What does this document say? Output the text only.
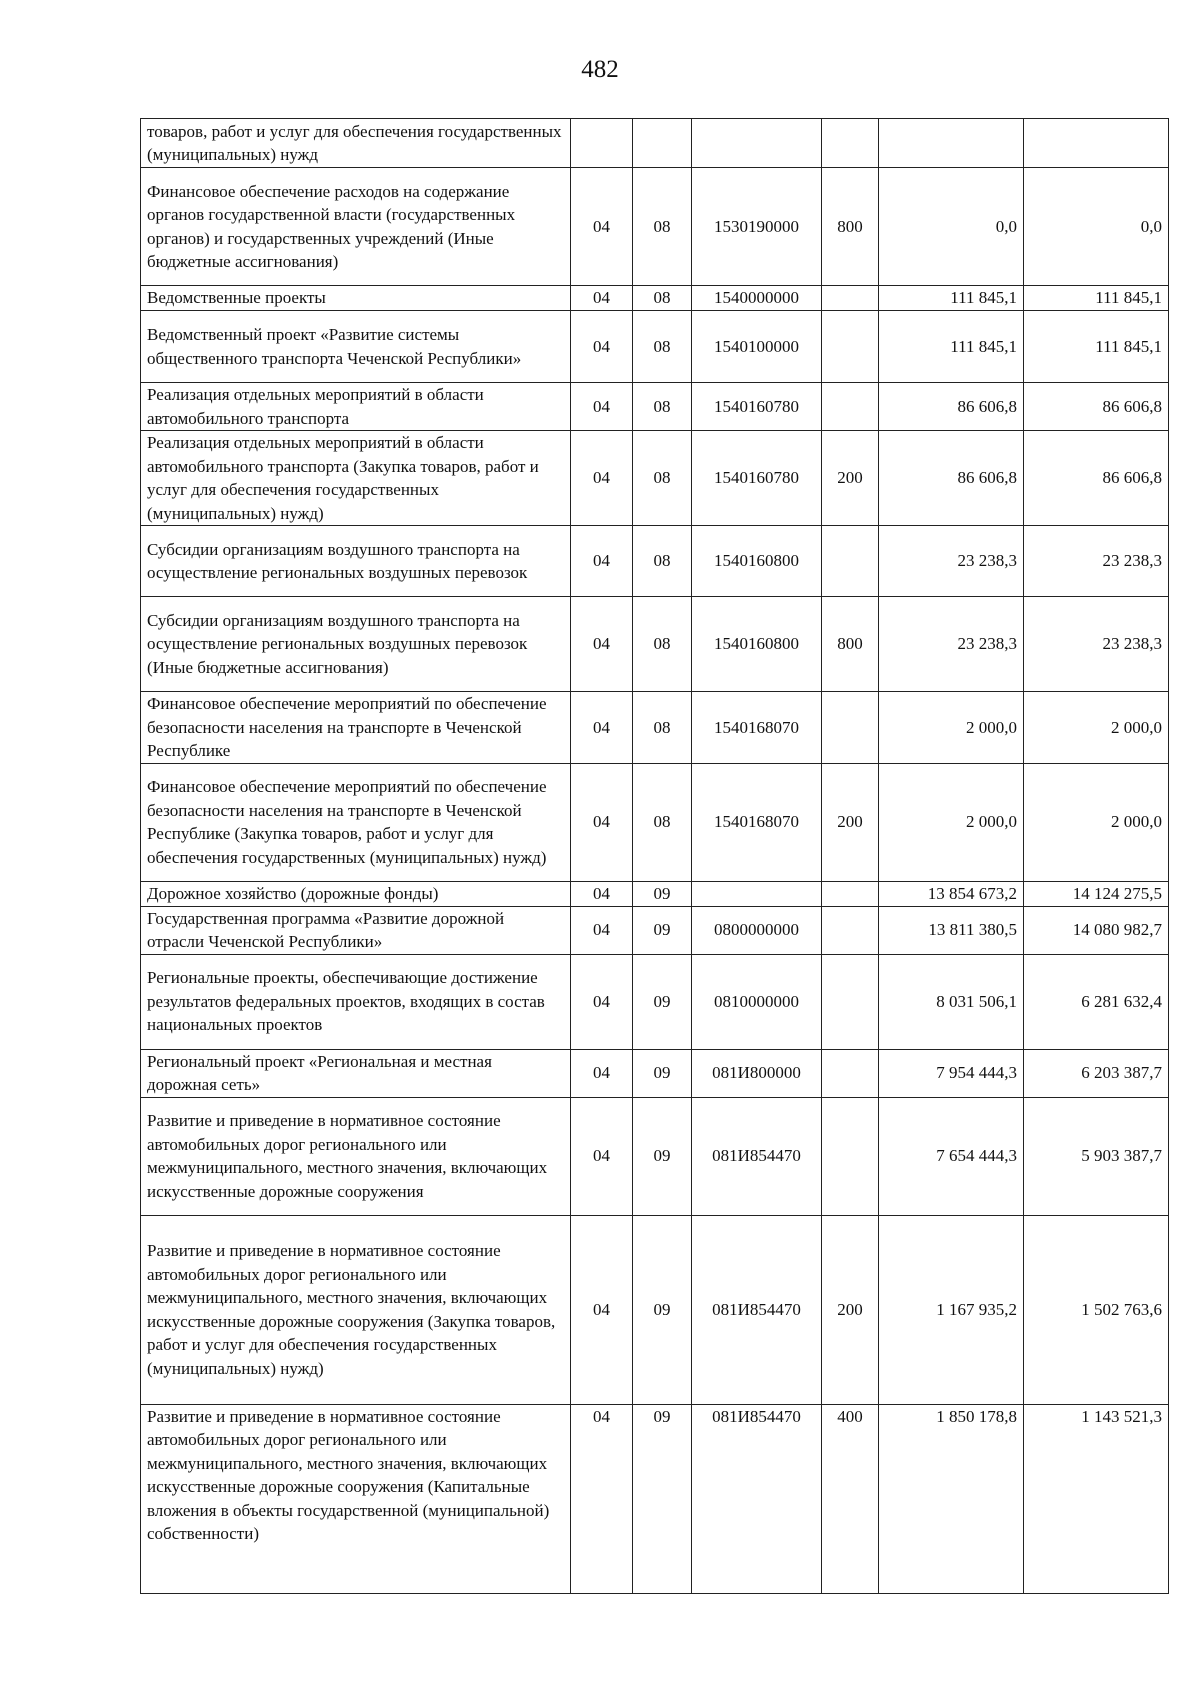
482
товаров, работ и услуг для обеспечения государственных (муниципальных) нужд						
Финансовое обеспечение расходов на содержание органов государственной власти (государственных органов) и государственных учреждений (Иные бюджетные ассигнования)	04	08	1530190000	800	0,0	0,0
Ведомственные проекты	04	08	1540000000		111 845,1	111 845,1
Ведомственный проект «Развитие системы общественного транспорта Чеченской Республики»	04	08	1540100000		111 845,1	111 845,1
Реализация отдельных мероприятий в области автомобильного транспорта	04	08	1540160780		86 606,8	86 606,8
Реализация отдельных мероприятий в области автомобильного транспорта (Закупка товаров, работ и услуг для обеспечения государственных (муниципальных) нужд)	04	08	1540160780	200	86 606,8	86 606,8
Субсидии организациям воздушного транспорта на осуществление региональных воздушных перевозок	04	08	1540160800		23 238,3	23 238,3
Субсидии организациям воздушного транспорта на осуществление региональных воздушных перевозок (Иные бюджетные ассигнования)	04	08	1540160800	800	23 238,3	23 238,3
Финансовое обеспечение мероприятий по обеспечение безопасности населения на транспорте в Чеченской Республике	04	08	1540168070		2 000,0	2 000,0
Финансовое обеспечение мероприятий по обеспечение безопасности населения на транспорте в Чеченской Республике (Закупка товаров, работ и услуг для обеспечения государственных (муниципальных) нужд)	04	08	1540168070	200	2 000,0	2 000,0
Дорожное хозяйство (дорожные фонды)	04	09			13 854 673,2	14 124 275,5
Государственная программа «Развитие дорожной отрасли Чеченской Республики»	04	09	0800000000		13 811 380,5	14 080 982,7
Региональные проекты, обеспечивающие достижение результатов федеральных проектов, входящих в состав национальных проектов	04	09	0810000000		8 031 506,1	6 281 632,4
Региональный проект «Региональная и местная дорожная сеть»	04	09	081И800000		7 954 444,3	6 203 387,7
Развитие и приведение в нормативное состояние автомобильных дорог регионального или межмуниципального, местного значения, включающих искусственные дорожные сооружения	04	09	081И854470		7 654 444,3	5 903 387,7
Развитие и приведение в нормативное состояние автомобильных дорог регионального или межмуниципального, местного значения, включающих искусственные дорожные сооружения (Закупка товаров, работ и услуг для обеспечения государственных (муниципальных) нужд)	04	09	081И854470	200	1 167 935,2	1 502 763,6
Развитие и приведение в нормативное состояние автомобильных дорог регионального или межмуниципального, местного значения, включающих искусственные дорожные сооружения (Капитальные вложения в объекты государственной (муниципальной) собственности)	04	09	081И854470	400	1 850 178,8	1 143 521,3
